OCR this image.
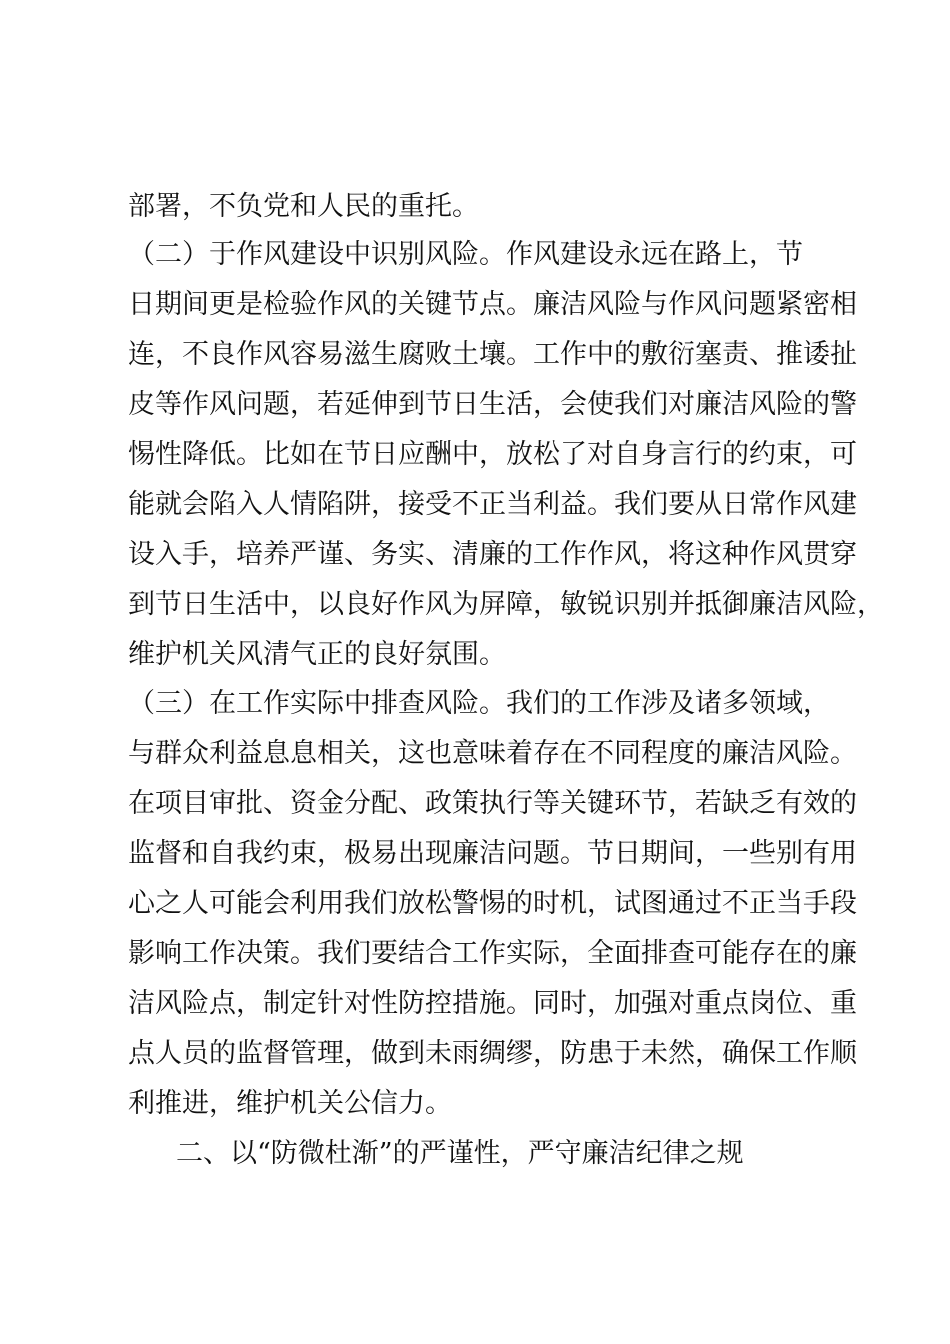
部署，不负党和人民的重托。
（二）于作风建设中识别风险。作风建设永远在路上，节
日期间更是检验作风的关键节点。廉洁风险与作风问题紧密相
连，不良作风容易滋生腐败土壤。工作中的敷衍塞责、推诿扯
皮等作风问题，若延伸到节日生活，会使我们对廉洁风险的警
惕性降低。比如在节日应酬中，放松了对自身言行的约束，可
能就会陷入人情陷阱，接受不正当利益。我们要从日常作风建
设入手，培养严谨、务实、清廉的工作作风，将这种作风贯穿
到节日生活中，以良好作风为屏障，敏锐识别并抵御廉洁风险，
维护机关风清气正的良好氛围。
（三）在工作实际中排查风险。我们的工作涉及诸多领域，
与群众利益息息相关，这也意味着存在不同程度的廉洁风险。
在项目审批、资金分配、政策执行等关键环节，若缺乏有效的
监督和自我约束，极易出现廉洁问题。节日期间，一些别有用
心之人可能会利用我们放松警惕的时机，试图通过不正当手段
影响工作决策。我们要结合工作实际，全面排查可能存在的廉
洁风险点，制定针对性防控措施。同时，加强对重点岗位、重
点人员的监督管理，做到未雨绸缪，防患于未然，确保工作顺
利推进，维护机关公信力。
二、以“防微杜渐”的严谨性，严守廉洁纪律之规
